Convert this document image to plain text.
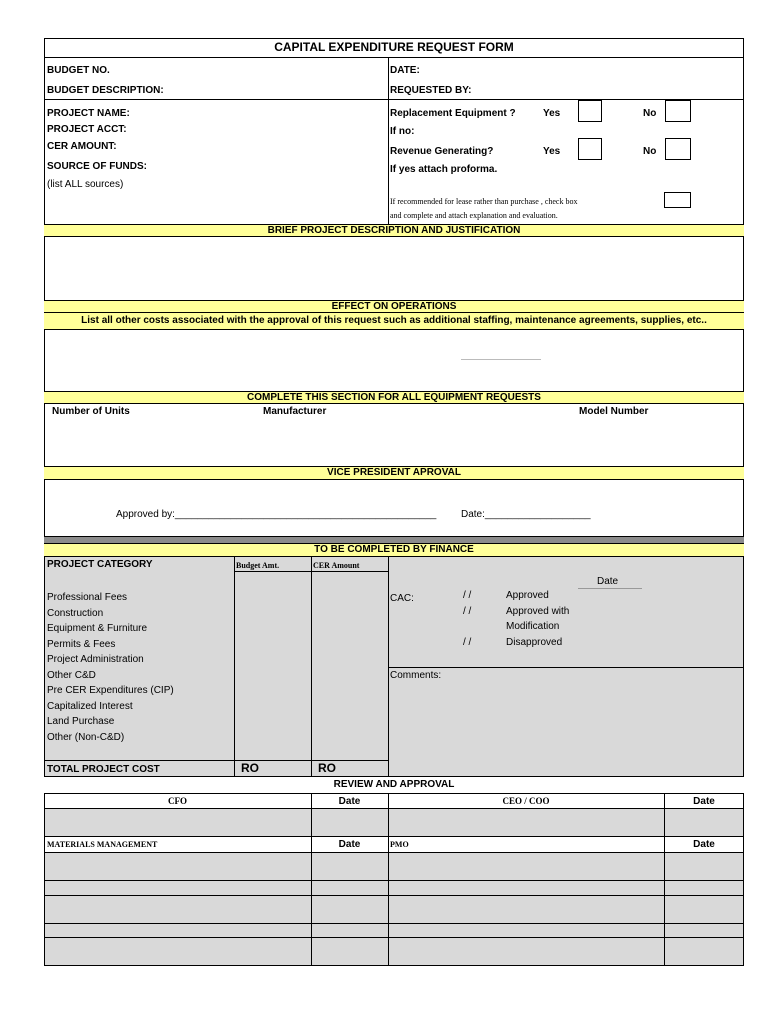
CAPITAL EXPENDITURE REQUEST FORM
BUDGET NO.	DATE:
BUDGET DESCRIPTION:	REQUESTED BY:
PROJECT NAME:
PROJECT ACCT:
CER AMOUNT:
SOURCE OF FUNDS:
(list ALL sources)
Replacement Equipment ?	Yes	No
If no:
Revenue Generating?	Yes	No
If yes attach proforma.
If recommended for lease rather than purchase , check box
and complete and attach explanation and evaluation.
BRIEF PROJECT DESCRIPTION AND JUSTIFICATION
EFFECT ON OPERATIONS
List all other costs associated with the approval of this request such as additional staffing, maintenance agreements, supplies, etc..
COMPLETE THIS SECTION FOR ALL EQUIPMENT REQUESTS
Number of Units	Manufacturer	Model Number
VICE PRESIDENT APROVAL
Approved by:_______________________________________________ Date:___________________
TO BE COMPLETED BY FINANCE
PROJECT CATEGORY	Budget Amt.	CER Amount
Professional Fees
Construction
Equipment & Furniture
Permits & Fees
Project Administration
Other C&D
Pre CER Expenditures (CIP)
Capitalized Interest
Land Purchase
Other (Non-C&D)
TOTAL PROJECT COST	RO	RO
Date
CAC:	/ /	Approved
/ /	Approved with
Modification
/ /	Disapproved
Comments:
REVIEW AND APPROVAL
CFO	Date	CEO / COO	Date
MATERIALS MANAGEMENT	Date	PMO	Date
